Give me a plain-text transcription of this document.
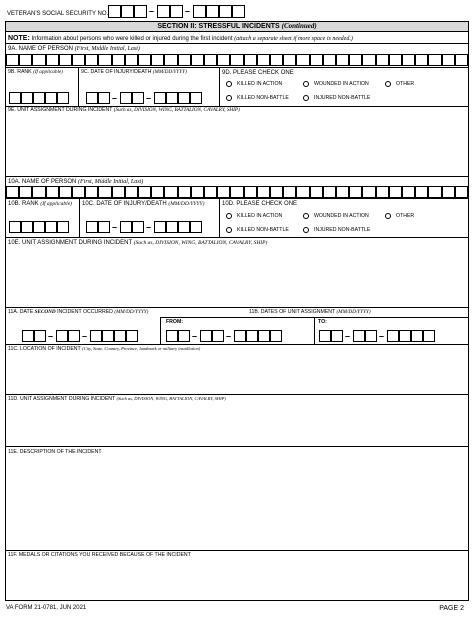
VETERAN'S SOCIAL SECURITY NO.	–	–
SECTION II: STRESSFUL INCIDENTS (Continued)
NOTE: Information about persons who were killed or injured during the first incident (attach a separate sheet if more space is needed.)
9A. NAME OF PERSON (First, Middle Initial, Last)
9B. RANK (If applicable)	9C. DATE OF INJURY/DEATH (MM/DD/YYYY)	9D. PLEASE CHECK ONE
–	–
KILLED IN ACTION	WOUNDED IN ACTION	OTHER
KILLED NON-BATTLE	INJURED NON-BATTLE
9E. UNIT ASSIGNMENT DURING INCIDENT (Such as, DIVISION, WING, BATTALION, CAVALRY, SHIP)
10A. NAME OF PERSON (First, Middle Initial, Last)
10B. RANK (If applicable) 10C. DATE OF INJURY/DEATH (MM/DD/YYYY)	10D. PLEASE CHECK ONE
–	–
KILLED IN ACTION	WOUNDED IN ACTION	OTHER
KILLED NON-BATTLE	INJURED NON-BATTLE
10E. UNIT ASSIGNMENT DURING INCIDENT (Such as, DIVISION, WING, BATTALION, CAVALRY, SHIP)
11A. DATE SECOND INCIDENT OCCURRED (MM/DD/YYYY)	11B. DATES OF UNIT ASSIGNMENT (MM/DD/YYYY)
FROM:	TO:
–	–	–	–	–	–
11C. LOCATION OF INCIDENT (City, State, Country, Province, landmark or military installation)
11D. UNIT ASSIGNMENT DURING INCIDENT (Such as, DIVISION, WING, BATTALION, CAVALRY, SHIP)
11E. DESCRIPTION OF THE INCIDENT
11F. MEDALS OR CITATIONS YOU RECEIVED BECAUSE OF THE INCIDENT
VA FORM 21-0781, JUN 2021	PAGE 2
